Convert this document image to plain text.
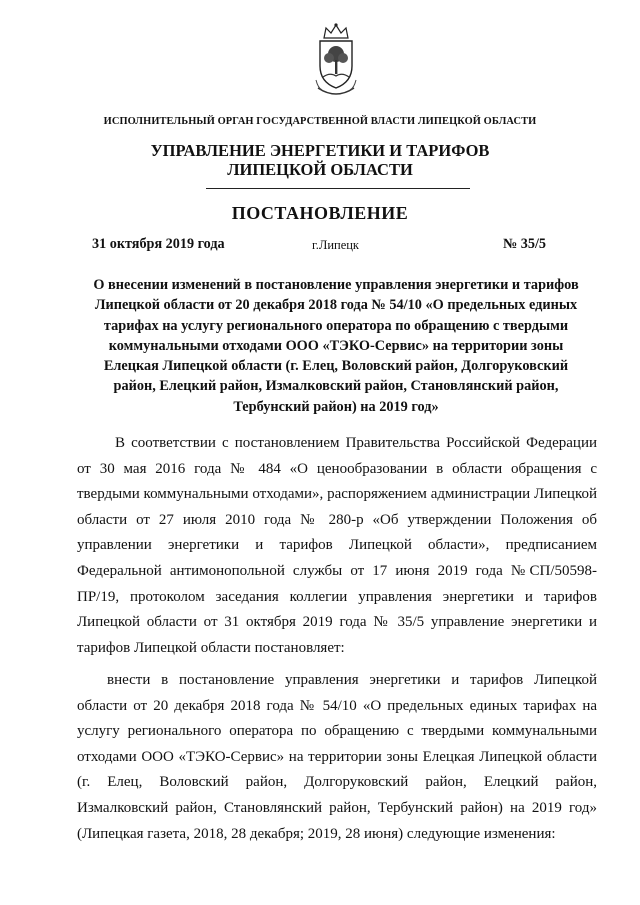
ИСПОЛНИТЕЛЬНЫЙ ОРГАН ГОСУДАРСТВЕННОЙ ВЛАСТИ ЛИПЕЦКОЙ ОБЛАСТИ
УПРАВЛЕНИЕ ЭНЕРГЕТИКИ И ТАРИФОВ
ЛИПЕЦКОЙ ОБЛАСТИ
ПОСТАНОВЛЕНИЕ
31 октября 2019 года	г.Липецк	№ 35/5
О внесении изменений в постановление управления энергетики и тарифов Липецкой области от 20 декабря 2018 года № 54/10 «О предельных единых тарифах на услугу регионального оператора по обращению с твердыми коммунальными отходами ООО «ТЭКО-Сервис» на территории зоны Елецкая Липецкой области (г. Елец, Воловский район, Долгоруковский район, Елецкий район, Измалковский район, Становлянский район, Тербунский район) на 2019 год»

В соответствии с постановлением Правительства Российской Федерации от 30 мая 2016 года № 484 «О ценообразовании в области обращения с твердыми коммунальными отходами», распоряжением администрации Липецкой области от 27 июля 2010 года № 280-р «Об утверждении Положения об управлении энергетики и тарифов Липецкой области», предписанием Федеральной антимонопольной службы от 17 июня 2019 года №СП/50598-ПР/19, протоколом заседания коллегии управления энергетики и тарифов Липецкой области от 31 октября 2019 года № 35/5 управление энергетики и тарифов Липецкой области постановляет:

внести в постановление управления энергетики и тарифов Липецкой области от 20 декабря 2018 года № 54/10 «О предельных единых тарифах на услугу регионального оператора по обращению с твердыми коммунальными отходами ООО «ТЭКО-Сервис» на территории зоны Елецкая Липецкой области (г. Елец, Воловский район, Долгоруковский район, Елецкий район, Измалковский район, Становлянский район, Тербунский район) на 2019 год» (Липецкая газета, 2018, 28 декабря; 2019, 28 июня) следующие изменения:
